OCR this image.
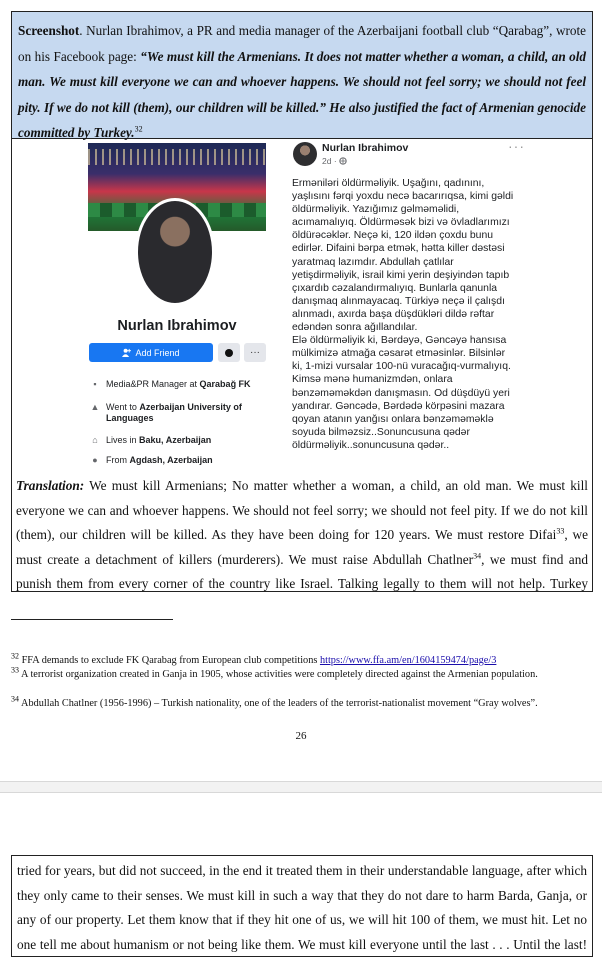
Screenshot. Nurlan Ibrahimov, a PR and media manager of the Azerbaijani football club “Qarabag”, wrote on his Facebook page: “We must kill the Armenians. It does not matter whether a woman, a child, an old man. We must kill everyone we can and whoever happens. We should not feel sorry; we should not feel pity. If we do not kill (them), our children will be killed.” He also justified the fact of Armenian genocide committed by Turkey.$^{32}$
Nurlan Ibrahimov
Add Friend	···
▪	Media&PR Manager at Qarabağ FK
▲ Went to Azerbaijan University of Languages
⌂ Lives in Baku, Azerbaijan
● From Agdash, Azerbaijan
Nurlan Ibrahimov
2d ·
···
Ermənilәri öldürmәliyik. Uşağını, qadınını,
yaşlısını fәrqi yoxdu necә bacarırıqsa, kimi gәldi
öldürmәliyik. Yazığımız gәlmәmәlidi,
acımamalıyıq. Öldürmәsәk bizi vә övladlarımızı
öldürәcәklәr. Neçә ki, 120 ildәn çoxdu bunu
edirlәr. Difaini bәrpa etmәk, hәtta killer dәstәsi
yaratmaq lazımdır. Abdullah çatlılar
yetişdirmәliyik, israil kimi yerin deşiyindәn tapıb
çıxardıb cәzalandırmalıyıq. Bunlarla qanunla
danışmaq alınmayacaq. Türkiyә neçә il çalışdı
alınmadı, axırda başa düşdüklәri dildә rәftar
edәndәn sonra ağıllandılar.
Elә öldürmәliyik ki, Bәrdәyә, Gәncәyә hansısa
mülkimizә atmağa cәsarәt etmәsinlәr. Bilsinlәr
ki, 1-mizi vursalar 100-nü vuracağıq-vurmalıyıq.
Kimsә mәnә humanizmdәn, onlara
bәnzәmәmәkdәn danışmasın. Od düşdüyü yeri
yandırar. Gәncәdә, Bәrdәdә körpәsini mazara
qoyan atanın yanğısı onlara bәnzәmәmәklә
soyuda bilmәzsiz..Sonuncusuna qәdәr
öldürmәliyik..sonuncusuna qәdәr..
Translation: We must kill Armenians; No matter whether a woman, a child, an old man. We must kill everyone we can and whoever happens. We should not feel sorry; we should not feel pity. If we do not kill (them), our children will be killed. As they have been doing for 120 years. We must restore Difai$^{33}$, we must create a detachment of killers (murderers). We must raise Abdullah Chatlner$^{34}$, we must find and punish them from every corner of the country like Israel. Talking legally to them will not help. Turkey
$^{32}$ FFA demands to exclude FK Qarabag from European club competitions https://www.ffa.am/en/1604159474/page/3
$^{33}$ A terrorist organization created in Ganja in 1905, whose activities were completely directed against the Armenian population.
$^{34}$ Abdullah Chatlner (1956-1996) – Turkish nationality, one of the leaders of the terrorist-nationalist movement “Gray wolves”.
26
tried for years, but did not succeed, in the end it treated them in their understandable language, after which they only came to their senses. We must kill in such a way that they do not dare to harm Barda, Ganja, or any of our property. Let them know that if they hit one of us, we will hit 100 of them, we must hit. Let no one tell me about humanism or not being like them. We must kill everyone until the last . . . Until the last!
